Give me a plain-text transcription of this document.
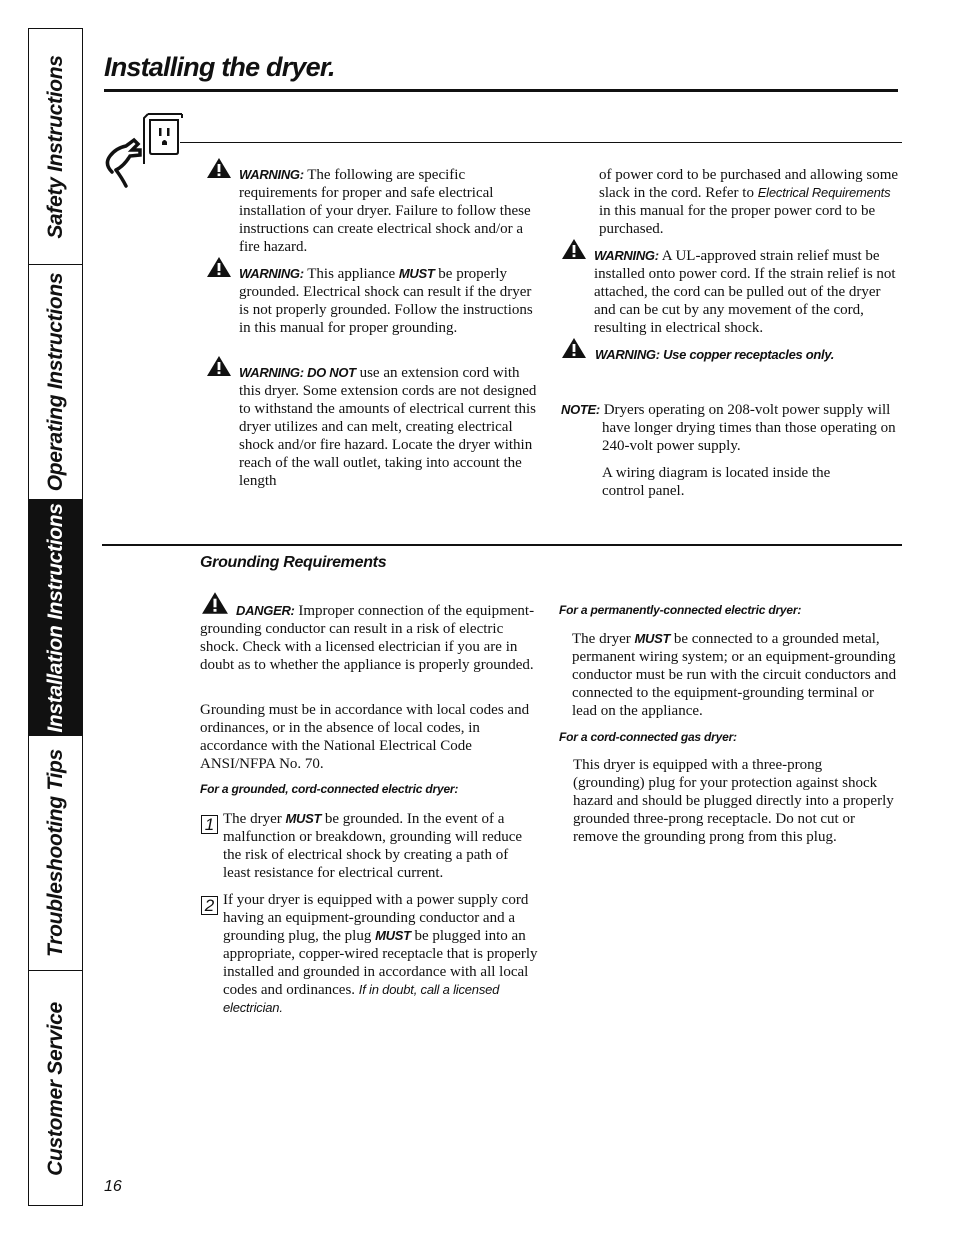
Safety Instructions
Operating Instructions
Installation Instructions
Troubleshooting Tips
Customer Service
Installing the dryer.

WARNING: The following are specific requirements for proper and safe electrical installation of your dryer. Failure to follow these instructions can create electrical shock and/or a fire hazard.

WARNING: This appliance MUST be properly grounded. Electrical shock can result if the dryer is not properly grounded. Follow the instructions in this manual for proper grounding.

WARNING: DO NOT use an extension cord with this dryer. Some extension cords are not designed to withstand the amounts of electrical current this dryer utilizes and can melt, creating electrical shock and/or fire hazard. Locate the dryer within reach of the wall outlet, taking into account the length

of power cord to be purchased and allowing some slack in the cord. Refer to Electrical Requirements in this manual for the proper power cord to be purchased.

WARNING: A UL-approved strain relief must be installed onto power cord. If the strain relief is not attached, the cord can be pulled out of the dryer and can be cut by any movement of the cord, resulting in electrical shock.

WARNING: Use copper receptacles only.

NOTE: Dryers operating on 208-volt power supply will have longer drying times than those operating on 240-volt power supply.

A wiring diagram is located inside the control panel.

Grounding Requirements

DANGER: Improper connection of the equipment-grounding conductor can result in a risk of electric shock. Check with a licensed electrician if you are in doubt as to whether the appliance is properly grounded.

Grounding must be in accordance with local codes and ordinances, or in the absence of local codes, in accordance with the National Electrical Code ANSI/NFPA No. 70.

For a grounded, cord-connected electric dryer:
1 The dryer MUST be grounded. In the event of a malfunction or breakdown, grounding will reduce the risk of electrical shock by creating a path of least resistance for electrical current.

2 If your dryer is equipped with a power supply cord having an equipment-grounding conductor and a grounding plug, the plug MUST be plugged into an appropriate, copper-wired receptacle that is properly installed and grounded in accordance with all local codes and ordinances. If in doubt, call a licensed electrician.

For a permanently-connected electric dryer:

The dryer MUST be connected to a grounded metal, permanent wiring system; or an equipment-grounding conductor must be run with the circuit conductors and connected to the equipment-grounding terminal or lead on the appliance.

For a cord-connected gas dryer:

This dryer is equipped with a three-prong (grounding) plug for your protection against shock hazard and should be plugged directly into a properly grounded three-prong receptacle. Do not cut or remove the grounding prong from this plug.

16
